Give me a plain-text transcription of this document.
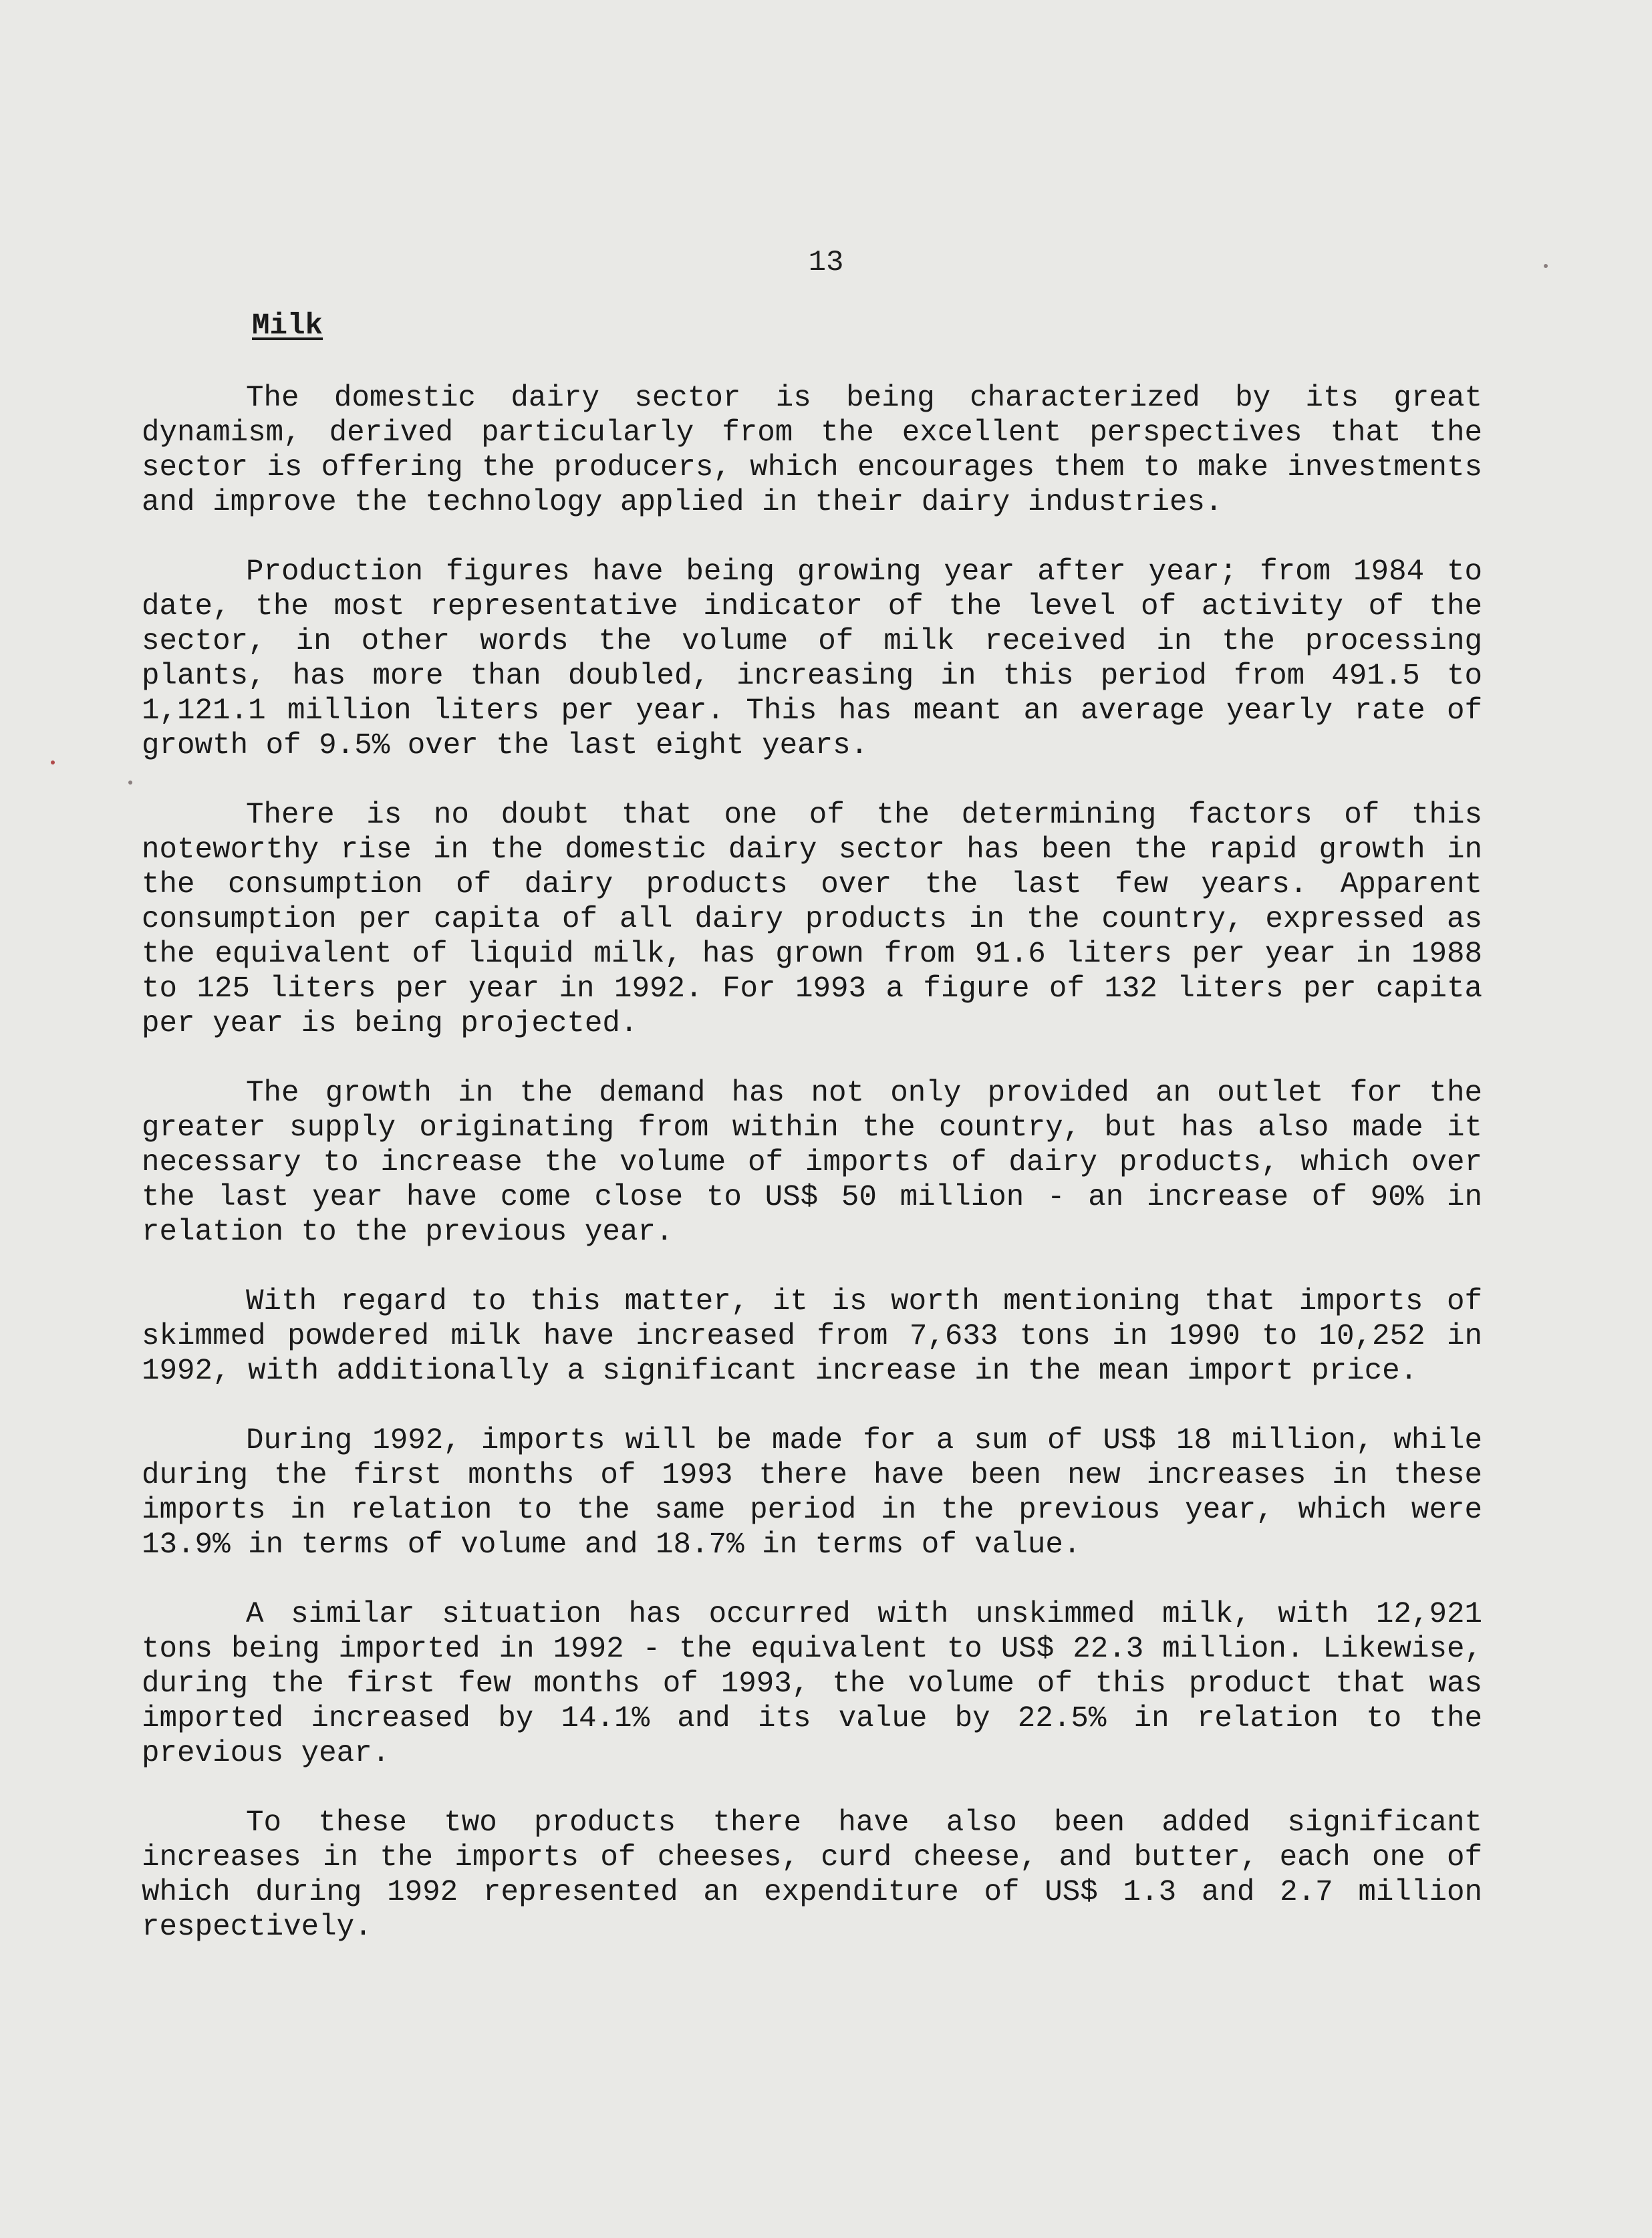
13
Milk

The domestic dairy sector is being characterized by its great dynamism, derived particularly from the excellent perspectives that the sector is offering the producers, which encourages them to make investments and improve the technology applied in their dairy industries.

Production figures have being growing year after year; from 1984 to date, the most representative indicator of the level of activity of the sector, in other words the volume of milk received in the processing plants, has more than doubled, increasing in this period from 491.5 to 1,121.1 million liters per year. This has meant an average yearly rate of growth of 9.5% over the last eight years.

There is no doubt that one of the determining factors of this noteworthy rise in the domestic dairy sector has been the rapid growth in the consumption of dairy products over the last few years. Apparent consumption per capita of all dairy products in the country, expressed as the equivalent of liquid milk, has grown from 91.6 liters per year in 1988 to 125 liters per year in 1992. For 1993 a figure of 132 liters per capita per year is being projected.

The growth in the demand has not only provided an outlet for the greater supply originating from within the country, but has also made it necessary to increase the volume of imports of dairy products, which over the last year have come close to US$ 50 million - an increase of 90% in relation to the previous year.

With regard to this matter, it is worth mentioning that imports of skimmed powdered milk have increased from 7,633 tons in 1990 to 10,252 in 1992, with additionally a significant increase in the mean import price.

During 1992, imports will be made for a sum of US$ 18 million, while during the first months of 1993 there have been new increases in these imports in relation to the same period in the previous year, which were 13.9% in terms of volume and 18.7% in terms of value.

A similar situation has occurred with unskimmed milk, with 12,921 tons being imported in 1992 - the equivalent to US$ 22.3 million. Likewise, during the first few months of 1993, the volume of this product that was imported increased by 14.1% and its value by 22.5% in relation to the previous year.

To these two products there have also been added significant increases in the imports of cheeses, curd cheese, and butter, each one of which during 1992 represented an expenditure of US$ 1.3 and 2.7 million respectively.
